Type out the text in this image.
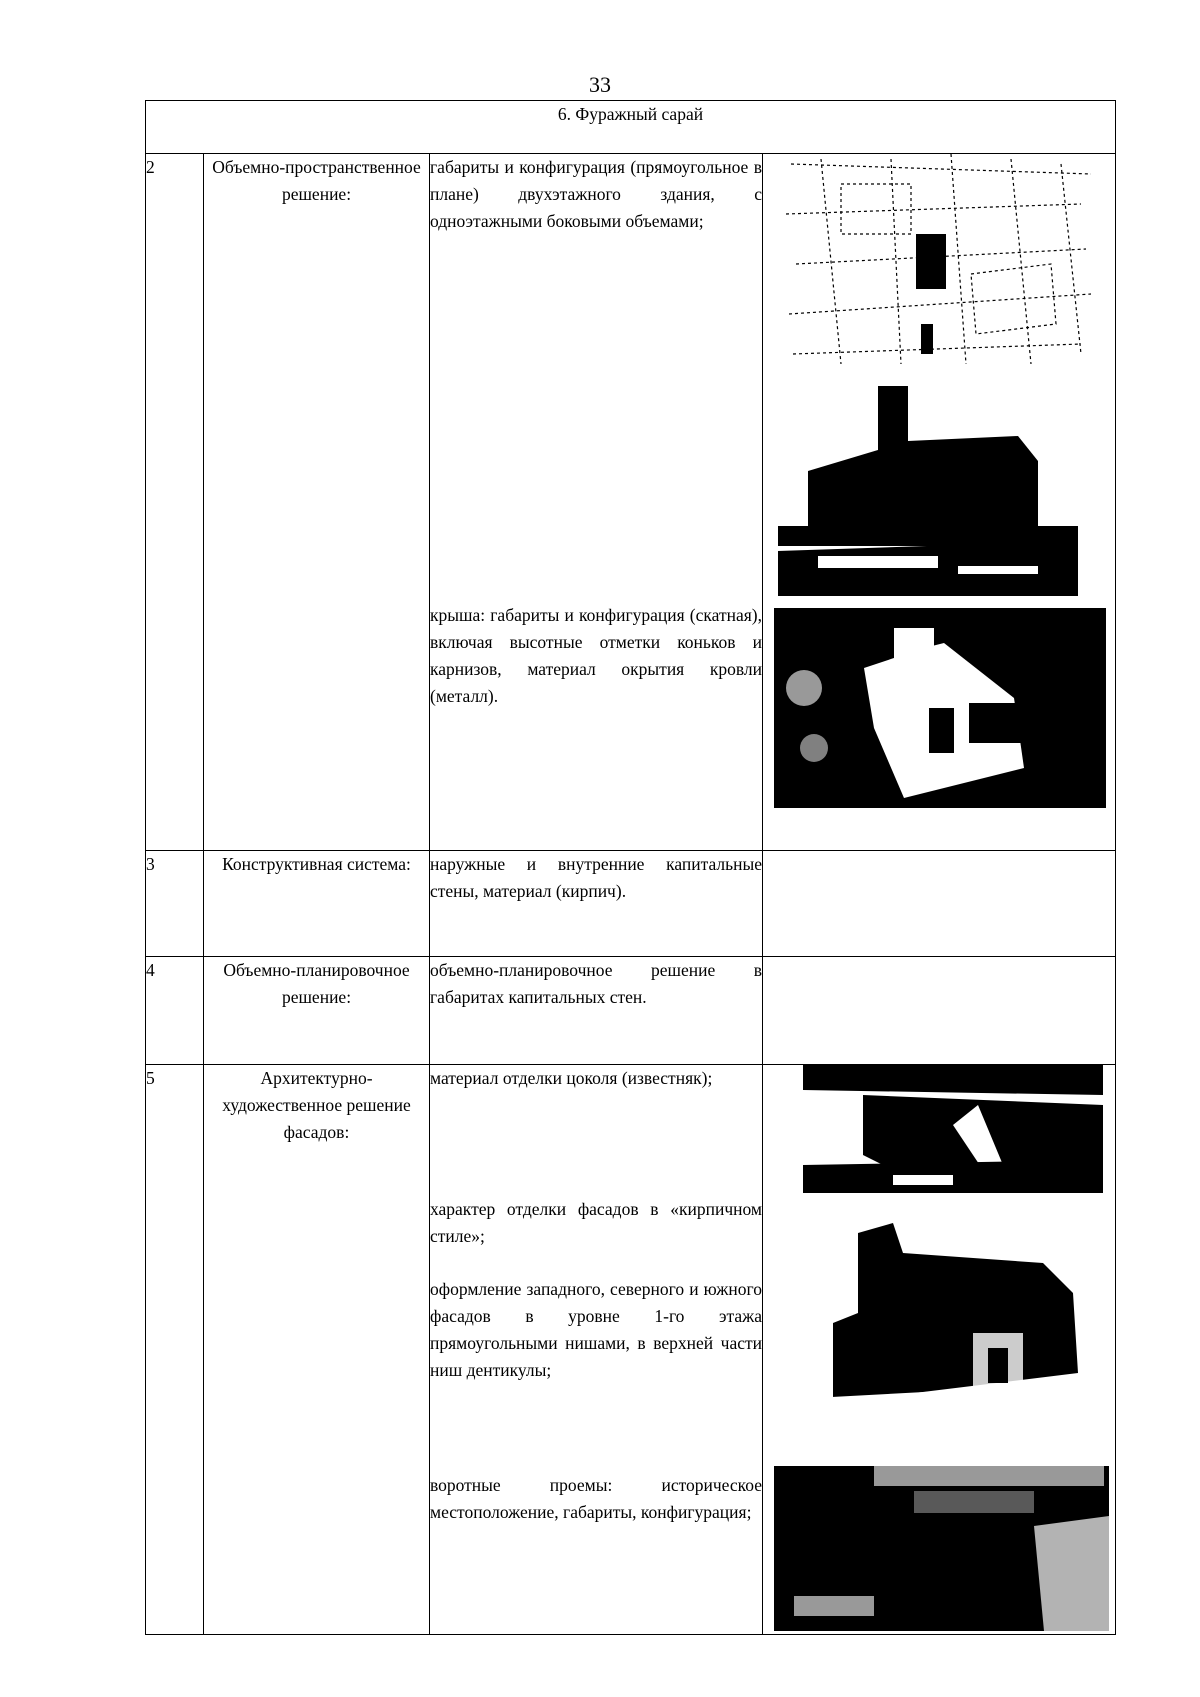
33
6. Фуражный сарай			
2	Объемно-пространственное решение:	габариты и конфигурация (прямоугольное в плане) двухэтажного здания, с одноэтажными боковыми объемами;
крыша: габариты и конфигурация (скатная), включая высотные отметки коньков и карнизов, материал окрытия кровли (металл).

3	Конструктивная система:	наружные и внутренние капитальные стены, материал (кирпич).	

4	Объемно-планировочное решение:	объемно-планировочное решение в габаритах капитальных стен.	

5	Архитектурно-художественное решение фасадов:	материал отделки цоколя (известняк);
характер отделки фасадов в «кирпичном стиле»;
оформление западного, северного и южного фасадов в уровне 1-го этажа прямоугольными нишами, в верхней части ниш дентикулы;
воротные проемы: историческое местоположение, габариты, конфигурация;
